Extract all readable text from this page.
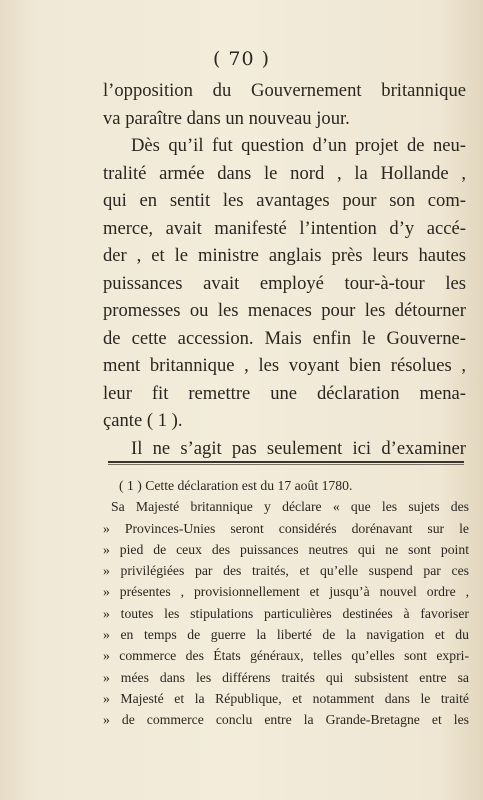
( 70 )
l’opposition du Gouvernement britannique
va paraître dans un nouveau jour.
Dès qu’il fut question d’un projet de neu-
tralité armée dans le nord , la Hollande ,
qui en sentit les avantages pour son com-
merce, avait manifesté l’intention d’y accé-
der , et le ministre anglais près leurs hautes
puissances avait employé tour-à-tour les
promesses ou les menaces pour les détourner
de cette accession. Mais enfin le Gouverne-
ment britannique , les voyant bien résolues ,
leur fit remettre une déclaration mena-
çante ( 1 ).
Il ne s’agit pas seulement ici d’examiner
( 1 ) Cette déclaration est du 17 août 1780.
Sa Majesté britannique y déclare « que les sujets des
» Provinces-Unies seront considérés dorénavant sur le
» pied de ceux des puissances neutres qui ne sont point
» privilégiées par des traités, et qu’elle suspend par ces
» présentes , provisionnellement et jusqu’à nouvel ordre ,
» toutes les stipulations particulières destinées à favoriser
» en temps de guerre la liberté de la navigation et du
» commerce des États généraux, telles qu’elles sont expri-
» mées dans les différens traités qui subsistent entre sa
» Majesté et la République, et notamment dans le traité
» de commerce conclu entre la Grande-Bretagne et les
